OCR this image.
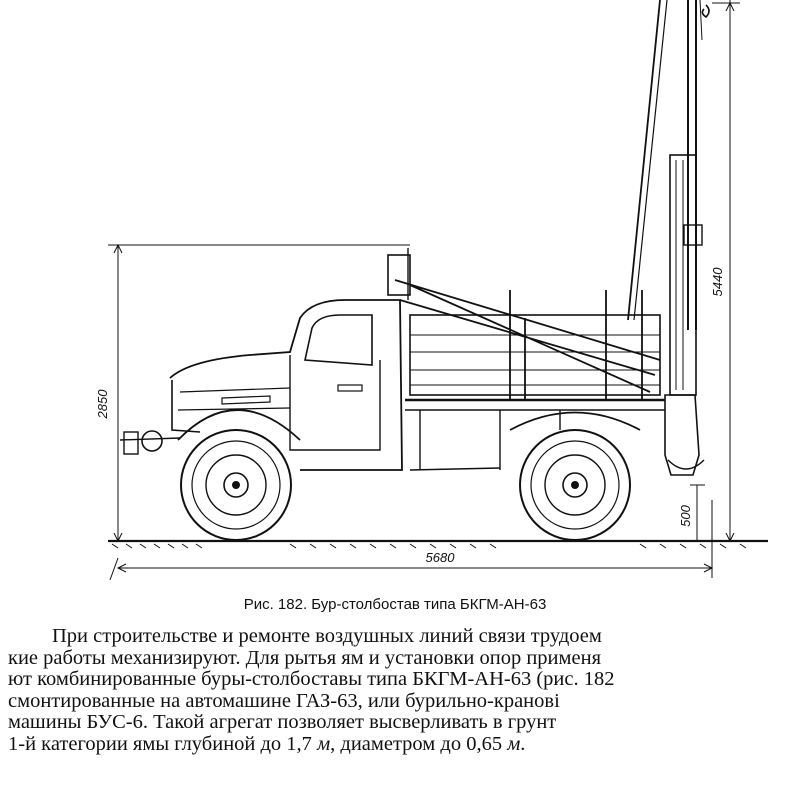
2850
5680
5440
500
Рис. 182. Бур-столбостав типа БКГМ-АН-63
При строительстве и ремонте воздушных линий связи трудоем
кие работы механизируют. Для рытья ям и установки опор применя
ют комбинированные буры-столбоставы типа БКГМ-АН-63 (рис. 182
смонтированные на автомашине ГАЗ-63, или бурильно-кранові
машины БУС-6. Такой агрегат позволяет высверливать в грунт
1-й категории ямы глубиной до 1,7 м, диаметром до 0,65 м.
